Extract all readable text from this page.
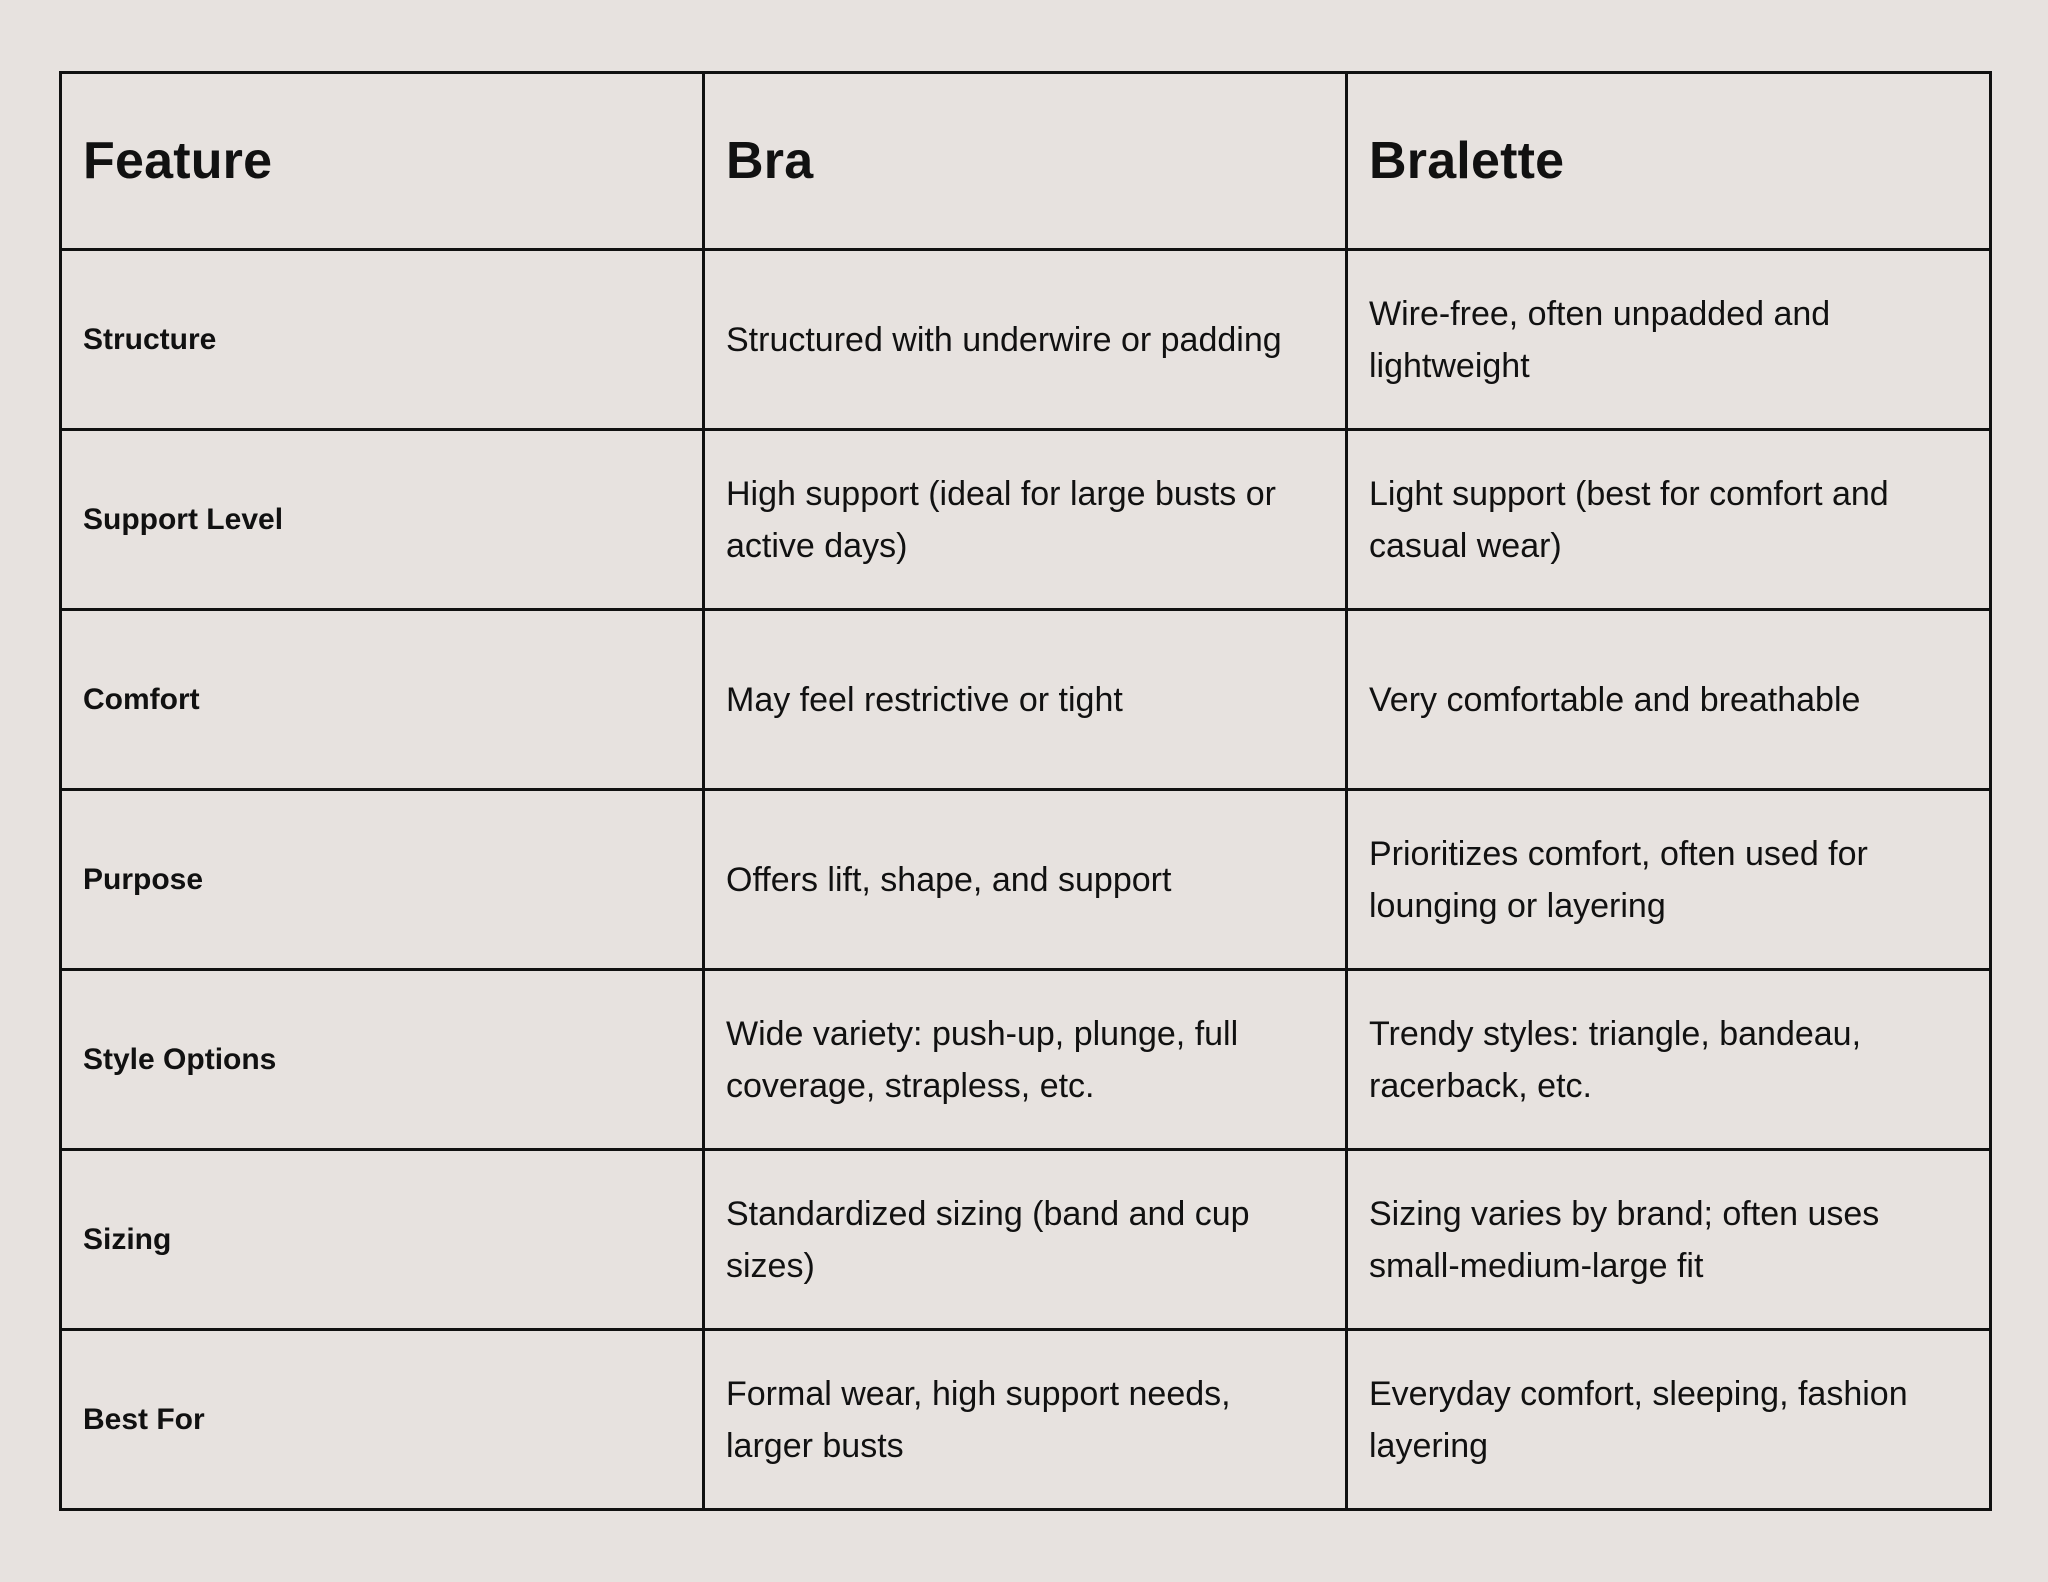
Feature	Bra	Bralette
Structure	Structured with underwire or padding	Wire-free, often unpadded and lightweight
Support Level	High support (ideal for large busts or active days)	Light support (best for comfort and casual wear)
Comfort	May feel restrictive or tight	Very comfortable and breathable
Purpose	Offers lift, shape, and support	Prioritizes comfort, often used for lounging or layering
Style Options	Wide variety: push-up, plunge, full coverage, strapless, etc.	Trendy styles: triangle, bandeau, racerback, etc.
Sizing	Standardized sizing (band and cup sizes)	Sizing varies by brand; often uses small-medium-large fit
Best For	Formal wear, high support needs, larger busts	Everyday comfort, sleeping, fashion layering
